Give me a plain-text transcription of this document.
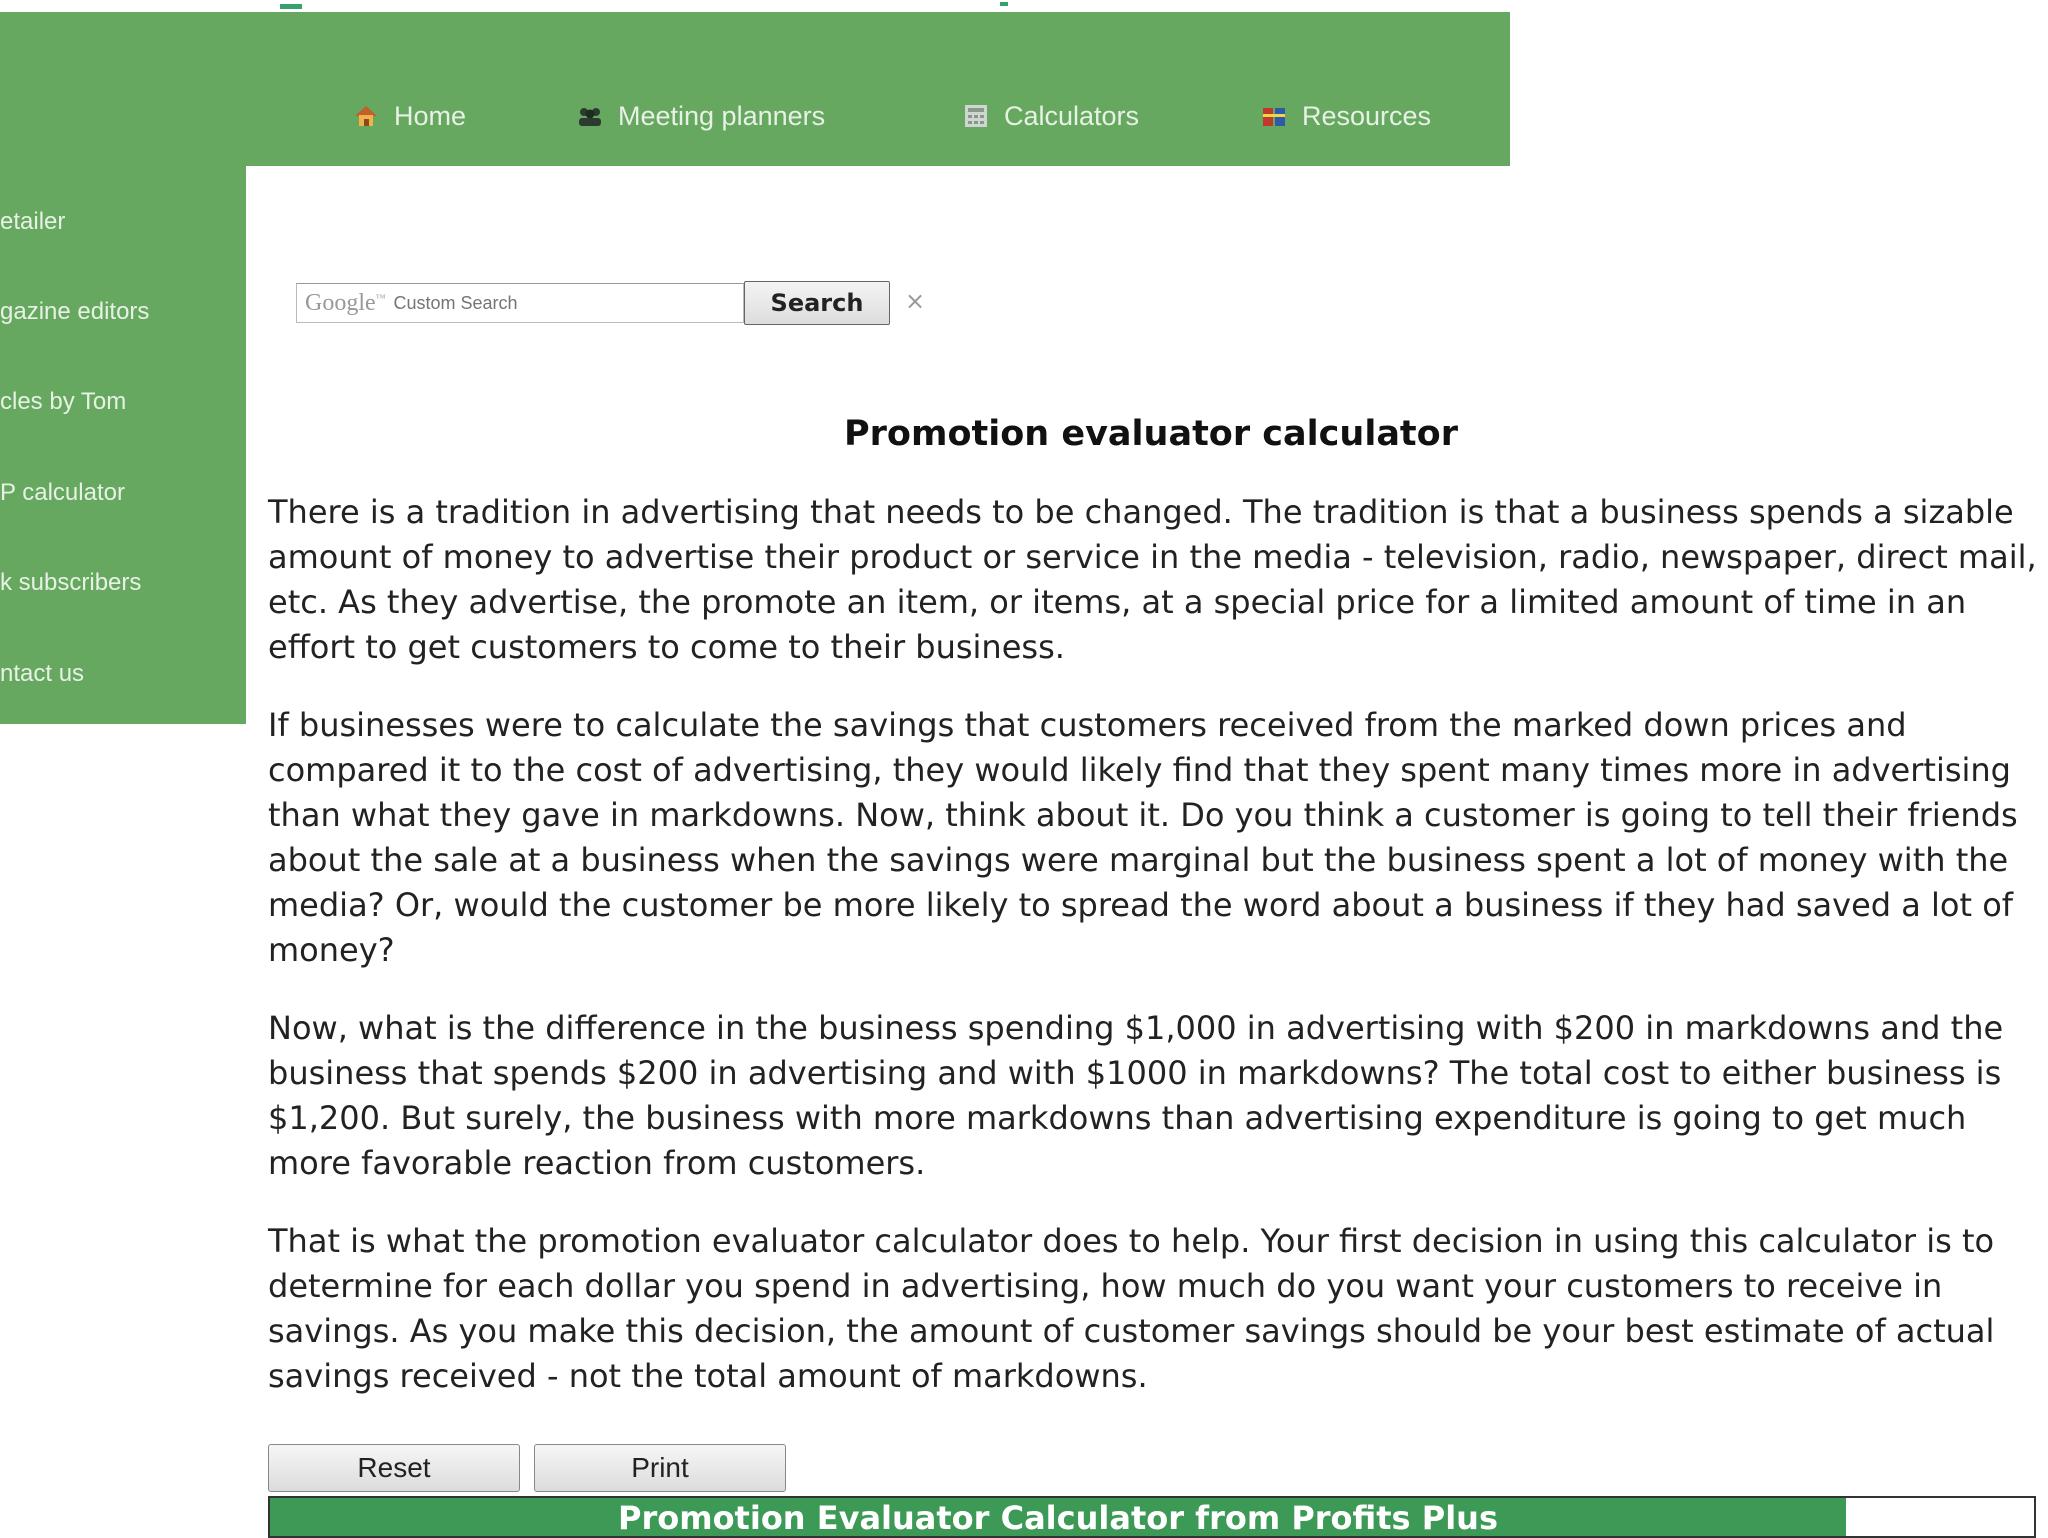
Home	Meeting planners	Calculators	Resources
etailer
gazine editors
cles by Tom
P calculator
k subscribers
ntact us
Google™
Custom Search	Search	×
Promotion evaluator calculator

There is a tradition in advertising that needs to be changed. The tradition is that a business spends a sizable amount of money to advertise their product or service in the media - television, radio, newspaper, direct mail, etc. As they advertise, the promote an item, or items, at a special price for a limited amount of time in an effort to get customers to come to their business.

If businesses were to calculate the savings that customers received from the marked down prices and compared it to the cost of advertising, they would likely find that they spent many times more in advertising than what they gave in markdowns. Now, think about it. Do you think a customer is going to tell their friends about the sale at a business when the savings were marginal but the business spent a lot of money with the media? Or, would the customer be more likely to spread the word about a business if they had saved a lot of money?

Now, what is the difference in the business spending $1,000 in advertising with $200 in markdowns and the business that spends $200 in advertising and with $1000 in markdowns? The total cost to either business is $1,200. But surely, the business with more markdowns than advertising expenditure is going to get much more favorable reaction from customers.

That is what the promotion evaluator calculator does to help. Your first decision in using this calculator is to determine for each dollar you spend in advertising, how much do you want your customers to receive in savings. As you make this decision, the amount of customer savings should be your best estimate of actual savings received - not the total amount of markdowns.

Reset	Print
Promotion Evaluator Calculator from Profits Plus
